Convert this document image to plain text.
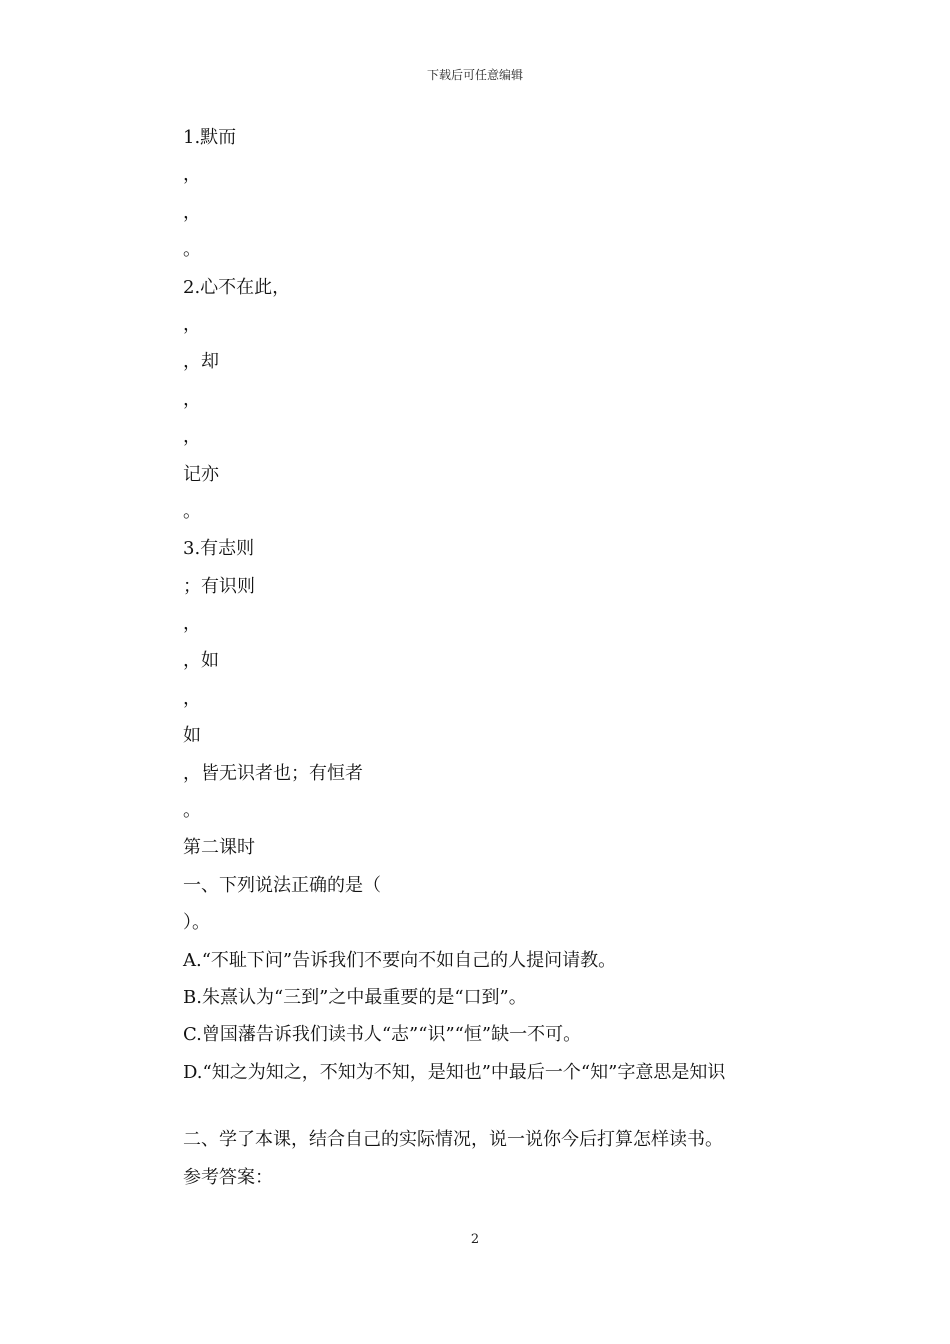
下载后可任意编辑
1.默而
，
，
。
2.心不在此，
，
，却
，
，
记亦
。
3.有志则
；有识则
，
，如
，
如
，皆无识者也；有恒者
。
第二课时
一、下列说法正确的是（
）。
A.“不耻下问”告诉我们不要向不如自己的人提问请教。
B.朱熹认为“三到”之中最重要的是“口到”。
C.曾国藩告诉我们读书人“志”“识”“恒”缺一不可。
D.“知之为知之，不知为不知，是知也”中最后一个“知”字意思是知识
二、学了本课，结合自己的实际情况，说一说你今后打算怎样读书。
参考答案：
2
